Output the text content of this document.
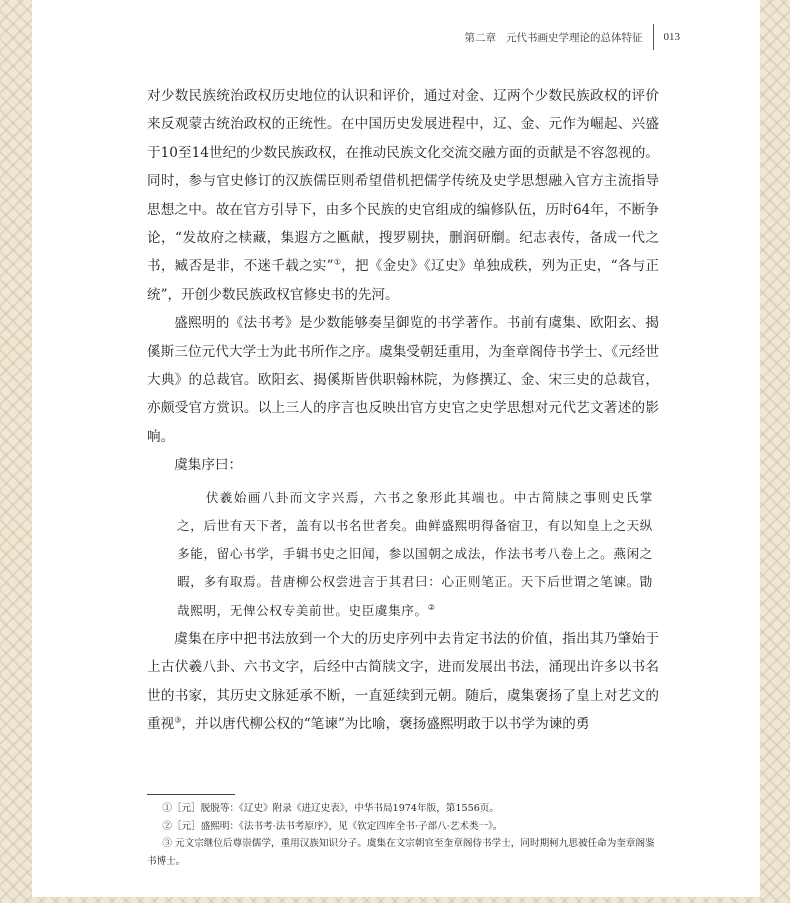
第二章 元代书画史学理论的总体特征 013

对少数民族统治政权历史地位的认识和评价，通过对金、辽两个少数民族政权的评价来反观蒙古统治政权的正统性。在中国历史发展进程中，辽、金、元作为崛起、兴盛于10至14世纪的少数民族政权，在推动民族文化交流交融方面的贡献是不容忽视的。同时，参与官史修订的汉族儒臣则希望借机把儒学传统及史学思想融入官方主流指导思想之中。故在官方引导下，由多个民族的史官组成的编修队伍，历时64年，不断争论，“发故府之椟藏，集遐方之匭献，搜罗剔抉，删润研劘。纪志表传，备成一代之书，臧否是非，不迷千载之实”①，把《金史》《辽史》单独成秩，列为正史，“各与正统”，开创少数民族政权官修史书的先河。

盛熙明的《法书考》是少数能够奏呈御览的书学著作。书前有虞集、欧阳玄、揭傒斯三位元代大学士为此书所作之序。虞集受朝廷重用，为奎章阁侍书学士、《元经世大典》的总裁官。欧阳玄、揭傒斯皆供职翰林院，为修撰辽、金、宋三史的总裁官，亦颇受官方赏识。以上三人的序言也反映出官方史官之史学思想对元代艺文著述的影响。

虞集序曰：

伏羲始画八卦而文字兴焉，六书之象形此其端也。中古简牍之事则史氏掌之，后世有天下者，盖有以书名世者矣。曲鲜盛熙明得备宿卫，有以知皇上之天纵多能，留心书学，手辑书史之旧闻，参以国朝之成法，作法书考八卷上之。燕闲之暇，多有取焉。昔唐柳公权尝进言于其君曰：心正则笔正。天下后世谓之笔谏。勖哉熙明，无俾公权专美前世。史臣虞集序。②

虞集在序中把书法放到一个大的历史序列中去肯定书法的价值，指出其乃肇始于上古伏羲八卦、六书文字，后经中古简牍文字，进而发展出书法，涌现出许多以书名世的书家，其历史文脉延承不断，一直延续到元朝。随后，虞集褒扬了皇上对艺文的重视③，并以唐代柳公权的“笔谏”为比喻，褒扬盛熙明敢于以书学为谏的勇

①［元］脱脱等：《辽史》附录《进辽史表》，中华书局1974年版，第1556页。

②［元］盛熙明：《法书考·法书考原序》，见《钦定四库全书·子部八·艺术类一》。

③ 元文宗继位后尊崇儒学，重用汉族知识分子。虞集在文宗朝官至奎章阁侍书学士，同时期柯九思被任命为奎章阁鉴书博士。
